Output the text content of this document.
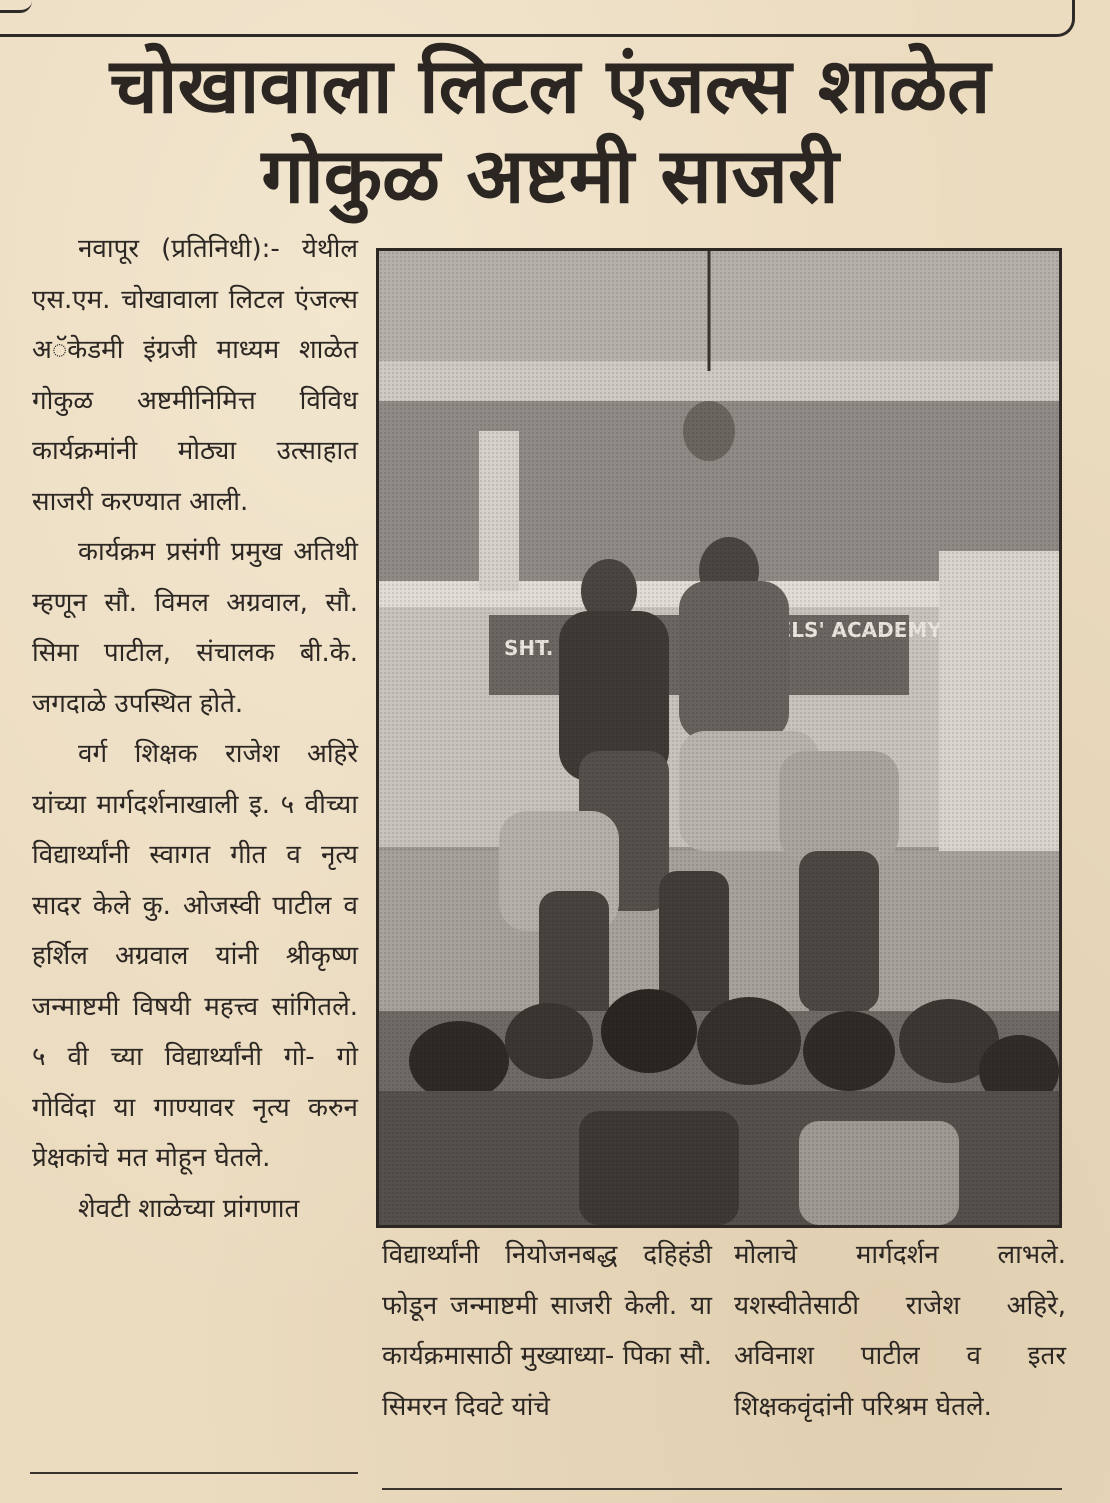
चोखावाला लिटल एंजल्स शाळेत
गोकुळ अष्टमी साजरी

नवापूर (प्रतिनिधी):- येथील एस.एम. चोखावाला लिटल एंजल्स अॅकेडमी इंग्रजी माध्यम शाळेत गोकुळ अष्टमीनिमित्त विविध कार्यक्रमांनी मोठ्या उत्साहात साजरी करण्यात आली.

कार्यक्रम प्रसंगी प्रमुख अतिथी म्हणून सौ. विमल अग्रवाल, सौ. सिमा पाटील, संचालक बी.के. जगदाळे उपस्थित होते.

वर्ग शिक्षक राजेश अहिरे यांच्या मार्गदर्शनाखाली इ. ५ वीच्या विद्यार्थ्यांनी स्वागत गीत व नृत्य सादर केले कु. ओजस्वी पाटील व हर्शिल अग्रवाल यांनी श्रीकृष्ण जन्माष्टमी विषयी महत्त्व सांगितले. ५ वी च्या विद्यार्थ्यांनी गो- गो गोविंदा या गाण्यावर नृत्य करुन प्रेक्षकांचे मत मोहून घेतले.

शेवटी शाळेच्या प्रांगणात

विद्यार्थ्यांनी नियोजनबद्ध दहिहंडी फोडून जन्माष्टमी साजरी केली. या कार्यक्रमासाठी मुख्याध्या- पिका सौ. सिमरन दिवटे यांचे

मोलाचे मार्गदर्शन लाभले. यशस्वीतेसाठी राजेश अहिरे, अविनाश पाटील व इतर शिक्षकवृंदांनी परिश्रम घेतले.
